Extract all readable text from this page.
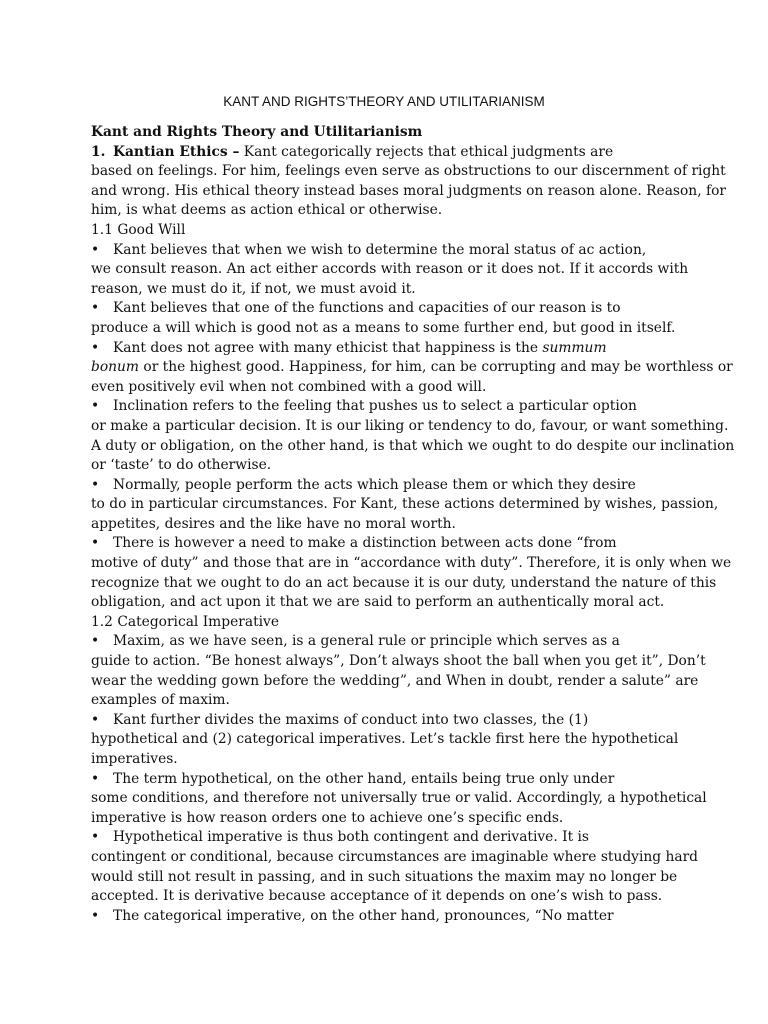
KANT AND RIGHTS’THEORY AND UTILITARIANISM
Kant and Rights Theory and Utilitarianism
1. Kantian Ethics – Kant categorically rejects that ethical judgments are
based on feelings. For him, feelings even serve as obstructions to our discernment of right
and wrong. His ethical theory instead bases moral judgments on reason alone. Reason, for
him, is what deems as action ethical or otherwise.
1.1 Good Will
• Kant believes that when we wish to determine the moral status of ac action,
we consult reason. An act either accords with reason or it does not. If it accords with
reason, we must do it, if not, we must avoid it.
• Kant believes that one of the functions and capacities of our reason is to
produce a will which is good not as a means to some further end, but good in itself.
• Kant does not agree with many ethicist that happiness is the summum
bonum or the highest good. Happiness, for him, can be corrupting and may be worthless or
even positively evil when not combined with a good will.
• Inclination refers to the feeling that pushes us to select a particular option
or make a particular decision. It is our liking or tendency to do, favour, or want something.
A duty or obligation, on the other hand, is that which we ought to do despite our inclination
or ‘taste’ to do otherwise.
• Normally, people perform the acts which please them or which they desire
to do in particular circumstances. For Kant, these actions determined by wishes, passion,
appetites, desires and the like have no moral worth.
• There is however a need to make a distinction between acts done “from
motive of duty” and those that are in “accordance with duty”. Therefore, it is only when we
recognize that we ought to do an act because it is our duty, understand the nature of this
obligation, and act upon it that we are said to perform an authentically moral act.
1.2 Categorical Imperative
• Maxim, as we have seen, is a general rule or principle which serves as a
guide to action. “Be honest always”, Don’t always shoot the ball when you get it”, Don’t
wear the wedding gown before the wedding”, and When in doubt, render a salute” are
examples of maxim.
• Kant further divides the maxims of conduct into two classes, the (1)
hypothetical and (2) categorical imperatives. Let’s tackle first here the hypothetical
imperatives.
• The term hypothetical, on the other hand, entails being true only under
some conditions, and therefore not universally true or valid. Accordingly, a hypothetical
imperative is how reason orders one to achieve one’s specific ends.
• Hypothetical imperative is thus both contingent and derivative. It is
contingent or conditional, because circumstances are imaginable where studying hard
would still not result in passing, and in such situations the maxim may no longer be
accepted. It is derivative because acceptance of it depends on one’s wish to pass.
• The categorical imperative, on the other hand, pronounces, “No matter
